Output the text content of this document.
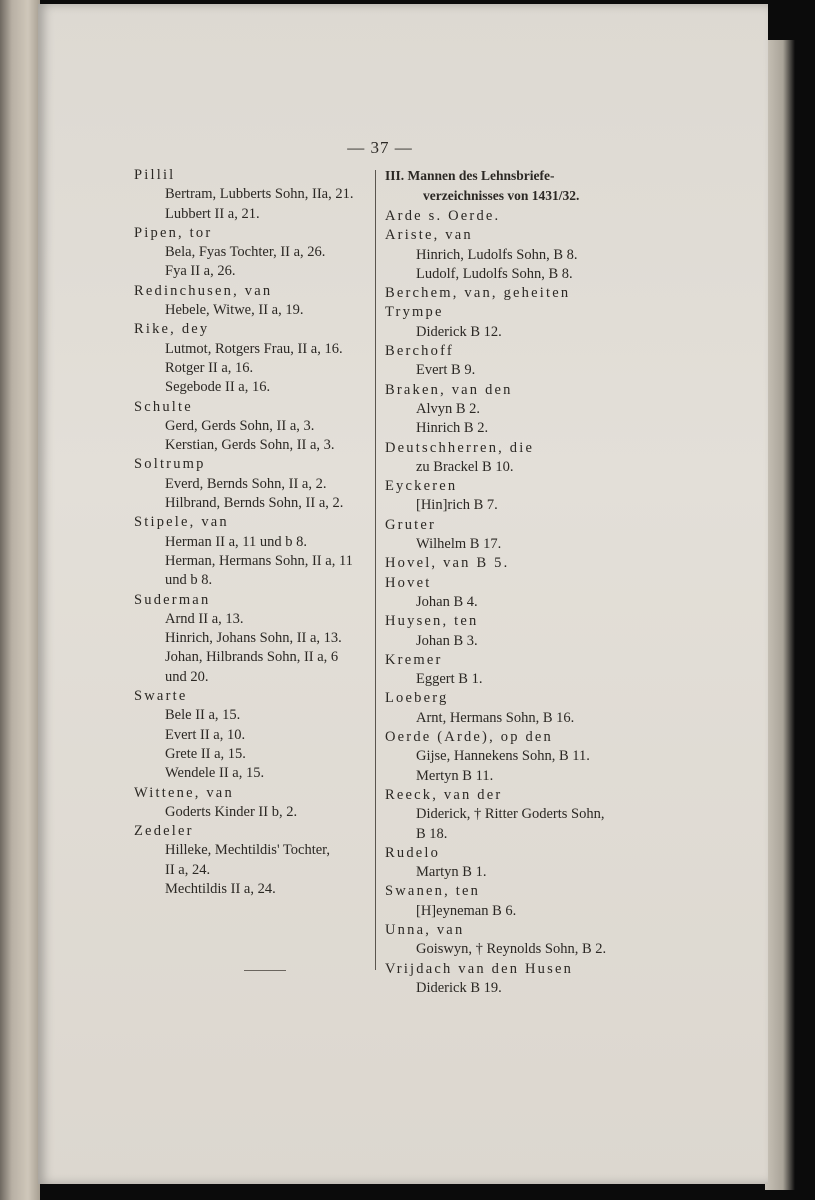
— 37 —
Pillil
Bertram, Lubberts Sohn, IIa, 21.
Lubbert II a, 21.
Pipen, tor
Bela, Fyas Tochter, II a, 26.
Fya II a, 26.
Redinchusen, van
Hebele, Witwe, II a, 19.
Rike, dey
Lutmot, Rotgers Frau, II a, 16.
Rotger II a, 16.
Segebode II a, 16.
Schulte
Gerd, Gerds Sohn, II a, 3.
Kerstian, Gerds Sohn, II a, 3.
Soltrump
Everd, Bernds Sohn, II a, 2.
Hilbrand, Bernds Sohn, II a, 2.
Stipele, van
Herman II a, 11 und b 8.
Herman, Hermans Sohn, II a, 11
und b 8.
Suderman
Arnd II a, 13.
Hinrich, Johans Sohn, II a, 13.
Johan, Hilbrands Sohn, II a, 6
und 20.
Swarte
Bele II a, 15.
Evert II a, 10.
Grete II a, 15.
Wendele II a, 15.
Wittene, van
Goderts Kinder II b, 2.
Zedeler
Hilleke, Mechtildis' Tochter,
II a, 24.
Mechtildis II a, 24.
III. Mannen des Lehnsbriefe-
verzeichnisses von 1431/32.
Arde s. Oerde.
Ariste, van
Hinrich, Ludolfs Sohn, B 8.
Ludolf, Ludolfs Sohn, B 8.
Berchem, van, geheiten Trympe
Diderick B 12.
Berchoff
Evert B 9.
Braken, van den
Alvyn B 2.
Hinrich B 2.
Deutschherren, die
zu Brackel B 10.
Eyckeren
[Hin]rich B 7.
Gruter
Wilhelm B 17.
Hovel, van B 5.
Hovet
Johan B 4.
Huysen, ten
Johan B 3.
Kremer
Eggert B 1.
Loeberg
Arnt, Hermans Sohn, B 16.
Oerde (Arde), op den
Gijse, Hannekens Sohn, B 11.
Mertyn B 11.
Reeck, van der
Diderick, † Ritter Goderts Sohn,
B 18.
Rudelo
Martyn B 1.
Swanen, ten
[H]eyneman B 6.
Unna, van
Goiswyn, † Reynolds Sohn, B 2.
Vrijdach van den Husen
Diderick B 19.
